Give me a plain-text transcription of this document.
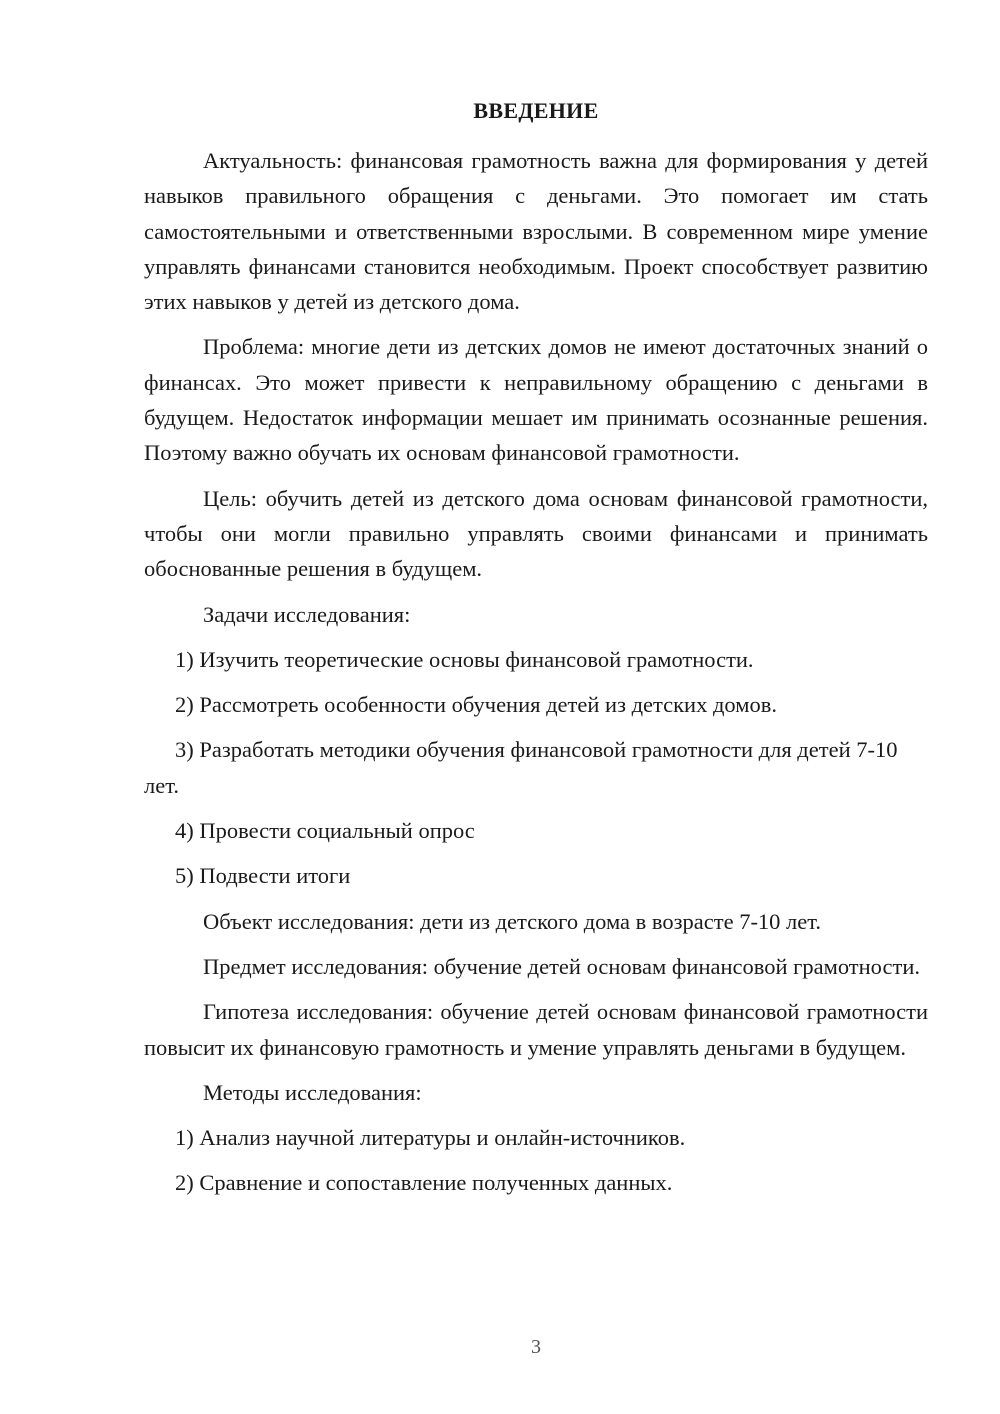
ВВЕДЕНИЕ

Актуальность: финансовая грамотность важна для формирования у детей навыков правильного обращения с деньгами. Это помогает им стать самостоятельными и ответственными взрослыми. В современном мире умение управлять финансами становится необходимым. Проект способствует развитию этих навыков у детей из детского дома.

Проблема: многие дети из детских домов не имеют достаточных знаний о финансах. Это может привести к неправильному обращению с деньгами в будущем. Недостаток информации мешает им принимать осознанные решения. Поэтому важно обучать их основам финансовой грамотности.

Цель: обучить детей из детского дома основам финансовой грамотности, чтобы они могли правильно управлять своими финансами и принимать обоснованные решения в будущем.

Задачи исследования:

1) Изучить теоретические основы финансовой грамотности.

2) Рассмотреть особенности обучения детей из детских домов.

3) Разработать методики обучения финансовой грамотности для детей 7-10 лет.

4) Провести социальный опрос

5) Подвести итоги

Объект исследования: дети из детского дома в возрасте 7-10 лет.

Предмет исследования: обучение детей основам финансовой грамотности.

Гипотеза исследования: обучение детей основам финансовой грамотности повысит их финансовую грамотность и умение управлять деньгами в будущем.

Методы исследования:

1) Анализ научной литературы и онлайн-источников.

2) Сравнение и сопоставление полученных данных.

3
